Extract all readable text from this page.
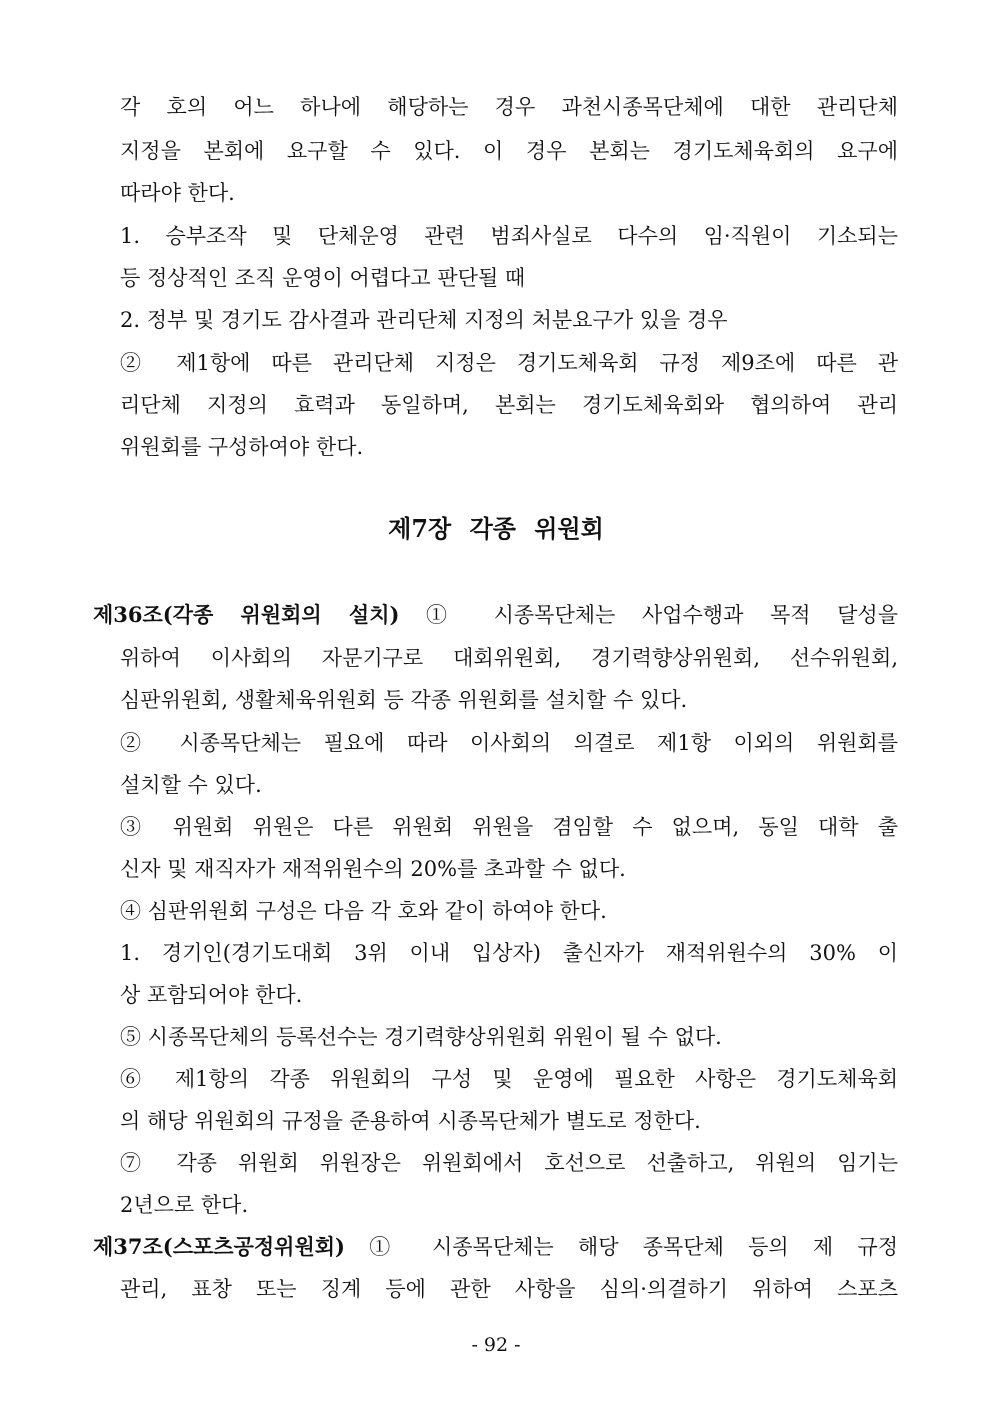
각 호의 어느 하나에 해당하는 경우 과천시종목단체에 대한 관리단체
지정을 본회에 요구할 수 있다. 이 경우 본회는 경기도체육회의 요구에
따라야 한다.
1. 승부조작 및 단체운영 관련 범죄사실로 다수의 임·직원이 기소되는
등 정상적인 조직 운영이 어렵다고 판단될 때
2. 정부 및 경기도 감사결과 관리단체 지정의 처분요구가 있을 경우
② 제1항에 따른 관리단체 지정은 경기도체육회 규정 제9조에 따른 관
리단체 지정의 효력과 동일하며, 본회는 경기도체육회와 협의하여 관리
위원회를 구성하여야 한다.
제7장 각종 위원회
제36조(각종 위원회의 설치) ① 시종목단체는 사업수행과 목적 달성을
위하여 이사회의 자문기구로 대회위원회, 경기력향상위원회, 선수위원회,
심판위원회, 생활체육위원회 등 각종 위원회를 설치할 수 있다.
② 시종목단체는 필요에 따라 이사회의 의결로 제1항 이외의 위원회를
설치할 수 있다.
③ 위원회 위원은 다른 위원회 위원을 겸임할 수 없으며, 동일 대학 출
신자 및 재직자가 재적위원수의 20%를 초과할 수 없다.
④ 심판위원회 구성은 다음 각 호와 같이 하여야 한다.
1. 경기인(경기도대회 3위 이내 입상자) 출신자가 재적위원수의 30% 이
상 포함되어야 한다.
⑤ 시종목단체의 등록선수는 경기력향상위원회 위원이 될 수 없다.
⑥ 제1항의 각종 위원회의 구성 및 운영에 필요한 사항은 경기도체육회
의 해당 위원회의 규정을 준용하여 시종목단체가 별도로 정한다.
⑦ 각종 위원회 위원장은 위원회에서 호선으로 선출하고, 위원의 임기는
2년으로 한다.
제37조(스포츠공정위원회) ① 시종목단체는 해당 종목단체 등의 제 규정
관리, 표창 또는 징계 등에 관한 사항을 심의·의결하기 위하여 스포츠
- 92 -
